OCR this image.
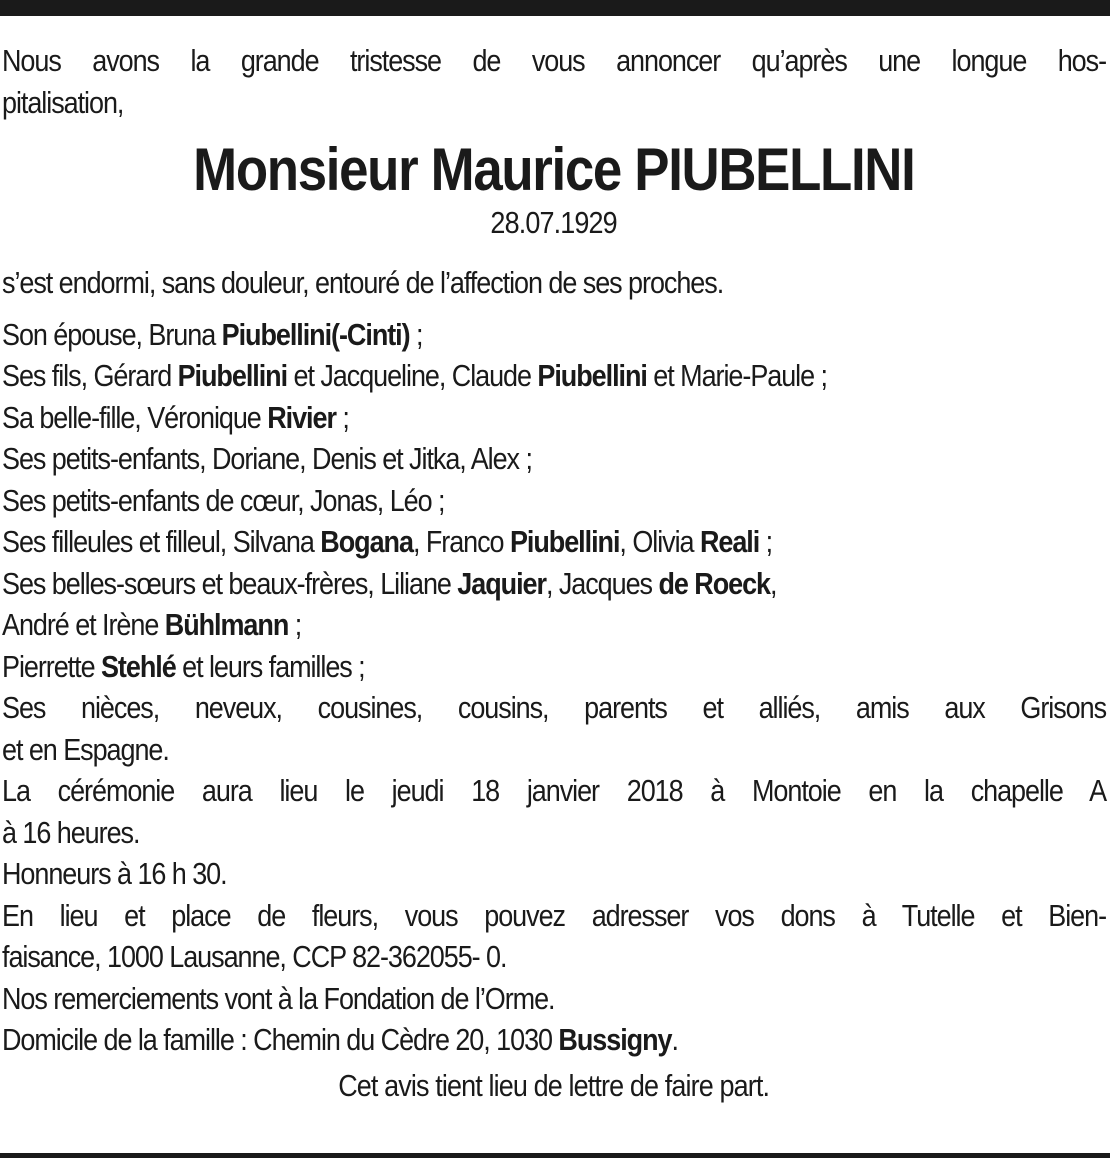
Nous avons la grande tristesse de vous annoncer qu’après une longue hos-
pitalisation,
Monsieur Maurice PIUBELLINI
28.07.1929
s’est endormi, sans douleur, entouré de l’affection de ses proches.
Son épouse, Bruna Piubellini(-Cinti) ;
Ses fils, Gérard Piubellini et Jacqueline, Claude Piubellini et Marie-Paule ;
Sa belle-fille, Véronique Rivier ;
Ses petits-enfants, Doriane, Denis et Jitka, Alex ;
Ses petits-enfants de cœur, Jonas, Léo ;
Ses filleules et filleul, Silvana Bogana, Franco Piubellini, Olivia Reali ;
Ses belles-sœurs et beaux-frères, Liliane Jaquier, Jacques de Roeck,
André et Irène Bühlmann ;
Pierrette Stehlé et leurs familles ;
Ses nièces, neveux, cousines, cousins, parents et alliés, amis aux Grisons
et en Espagne.
La cérémonie aura lieu le jeudi 18 janvier 2018 à Montoie en la chapelle A
à 16 heures.
Honneurs à 16 h 30.
En lieu et place de fleurs, vous pouvez adresser vos dons à Tutelle et Bien-
faisance, 1000 Lausanne, CCP 82-362055- 0.
Nos remerciements vont à la Fondation de l’Orme.
Domicile de la famille : Chemin du Cèdre 20, 1030 Bussigny.
Cet avis tient lieu de lettre de faire part.
